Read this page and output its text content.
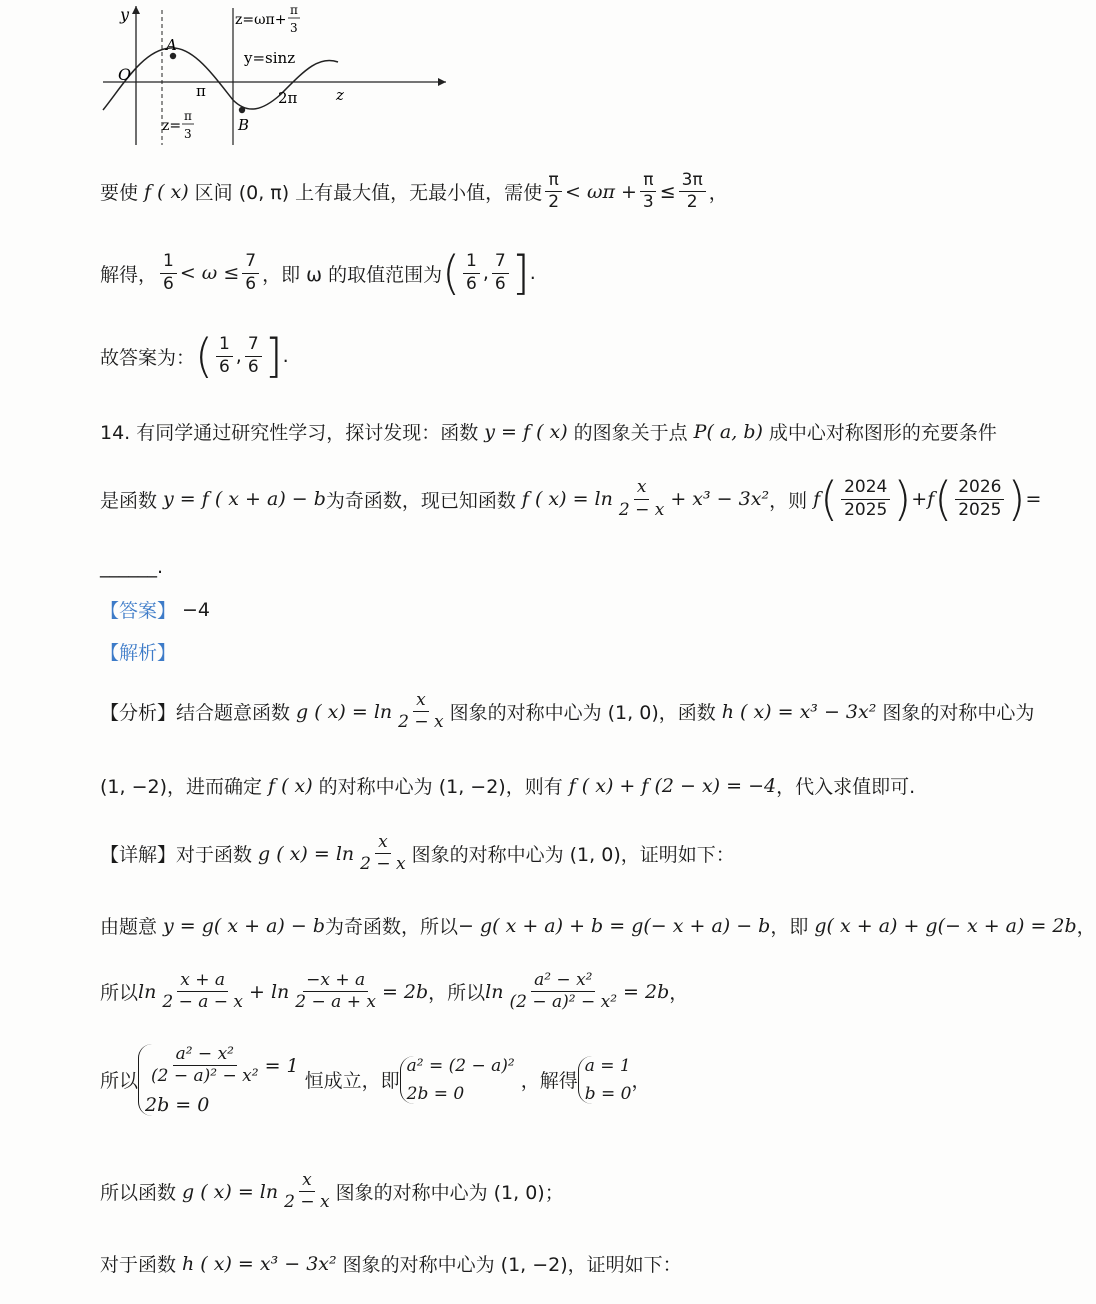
y
O
A
B
π	2π	z
y=sinz
z=ωπ+
π
3
z=
π
3
要使 f ( x) 区间 (0, π) 上有最大值，无最小值，需使 $\frac{\pi}{2} < \omega\pi + \frac{\pi}{3} \le \frac{3\pi}{2}$ ，
解得， $\frac{1}{6} < \omega \le \frac{7}{6}$ ，即 ω 的取值范围为 ( $\frac{1}{6}$ , $\frac{7}{6}$ ] .
故答案为： ( $\frac{1}{6}$ , $\frac{7}{6}$ ] .
14. 有同学通过研究性学习，探讨发现：函数 y = f ( x) 的图象关于点 P( a, b) 成中心对称图形的充要条件
是函数 y = f ( x + a) − b 为奇函数，现已知函数 f ( $x) = \ln \frac{x}{2 - x} + x^3 - 3x^2$ ，则 f ( $\frac{2024}{2025}$ ) + f ( $\frac{2026}{2025}$ ) =
______.
【答案】 −4
【解析】
【分析】 结合题意函数 g ( $x) = \ln \frac{x}{2 - x}$ 图象的对称中心为 (1, 0)，函数 h ( x) = x³ − 3x² 图象的对称中心为
(1, −2)，进而确定 f ( x) 的对称中心为 (1, −2)，则有 f ( x) + f (2 − x) = −4 ，代入求值即可.
【详解】 对于函数 g ( $x) = \ln \frac{x}{2 - x}$ 图象的对称中心为 (1, 0)，证明如下：
由题意 y = g( x + a) − b 为奇函数，所以 − g( x + a) + b = g(− x + a) − b ，即 g( x + a) + g(− x + a) = 2b ，
所以 $\ln \frac{x + a}{2 - a - x} + \ln \frac{-x + a}{2 - a + x} = 2b$ ，所以 $\ln \frac{\text{a² − x²}}{\text{(2 − a)² − x²}} = 2b$ ，
所以 $\frac{\text{a² − x²}}{\text{(2 − a)² − x²}} = 1$
2b = 0
恒成立，即
a² = (2 − a)²
2b = 0
，解得
a = 1
b = 0
，
所以函数 g ( $x) = \ln \frac{x}{2 - x}$ 图象的对称中心为 (1, 0)；
对于函数 h ( x) = x³ − 3x² 图象的对称中心为 (1, −2)，证明如下：
